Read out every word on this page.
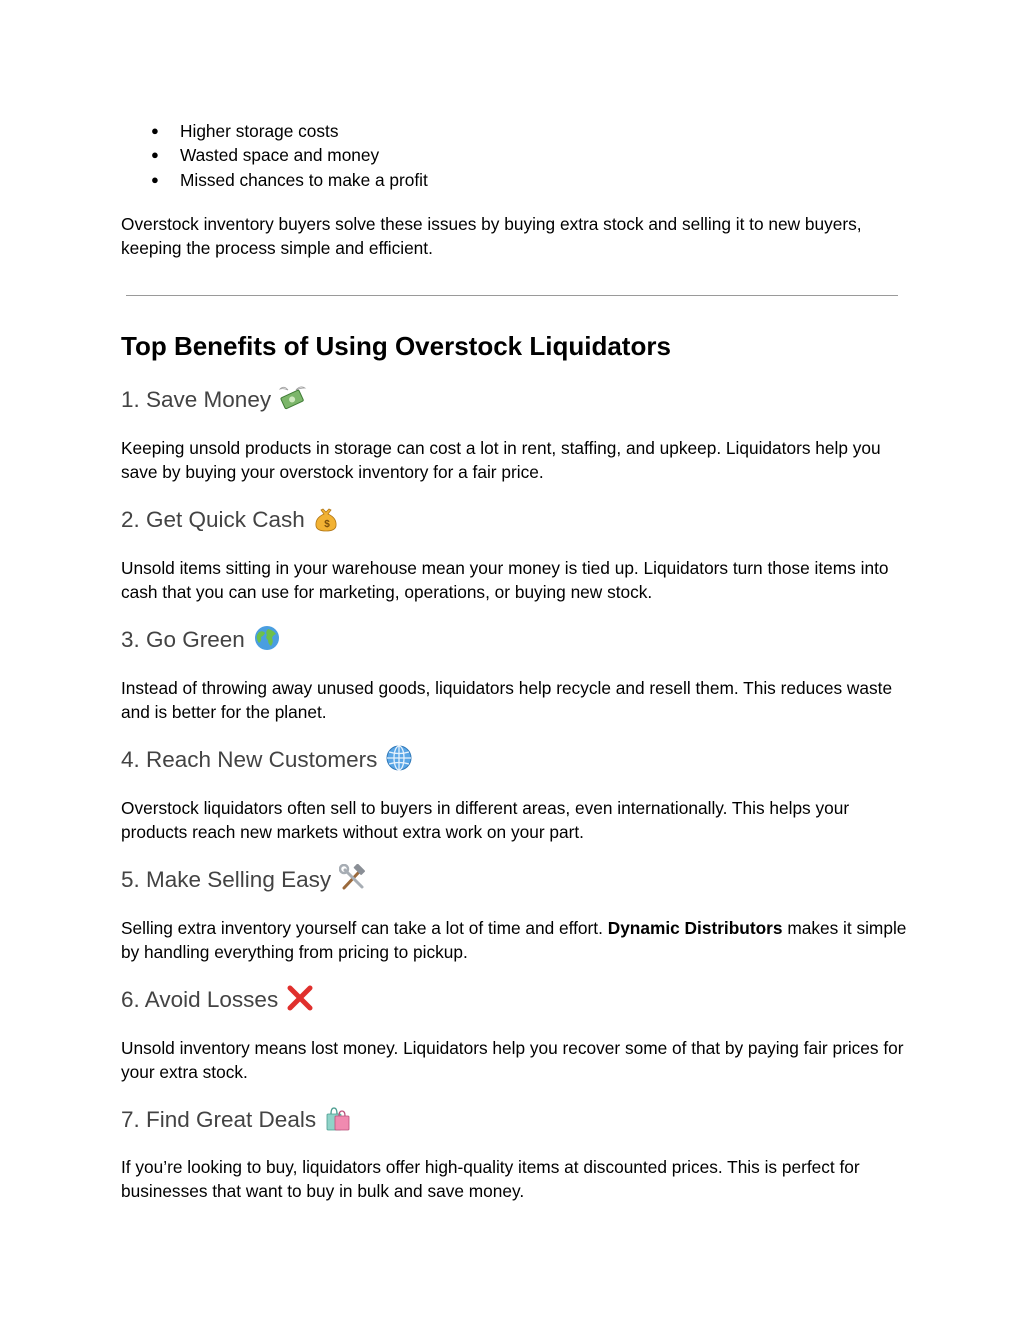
● Higher storage costs
● Wasted space and money
● Missed chances to make a profit

Overstock inventory buyers solve these issues by buying extra stock and selling it to new buyers, keeping the process simple and efficient.

Top Benefits of Using Overstock Liquidators
1. Save Money

Keeping unsold products in storage can cost a lot in rent, staffing, and upkeep. Liquidators help you save by buying your overstock inventory for a fair price.

2. Get Quick Cash $

Unsold items sitting in your warehouse mean your money is tied up. Liquidators turn those items into cash that you can use for marketing, operations, or buying new stock.

3. Go Green

Instead of throwing away unused goods, liquidators help recycle and resell them. This reduces waste and is better for the planet.

4. Reach New Customers

Overstock liquidators often sell to buyers in different areas, even internationally. This helps your products reach new markets without extra work on your part.

5. Make Selling Easy

Selling extra inventory yourself can take a lot of time and effort. Dynamic Distributors makes it simple by handling everything from pricing to pickup.

6. Avoid Losses

Unsold inventory means lost money. Liquidators help you recover some of that by paying fair prices for your extra stock.

7. Find Great Deals

If you’re looking to buy, liquidators offer high-quality items at discounted prices. This is perfect for businesses that want to buy in bulk and save money.
